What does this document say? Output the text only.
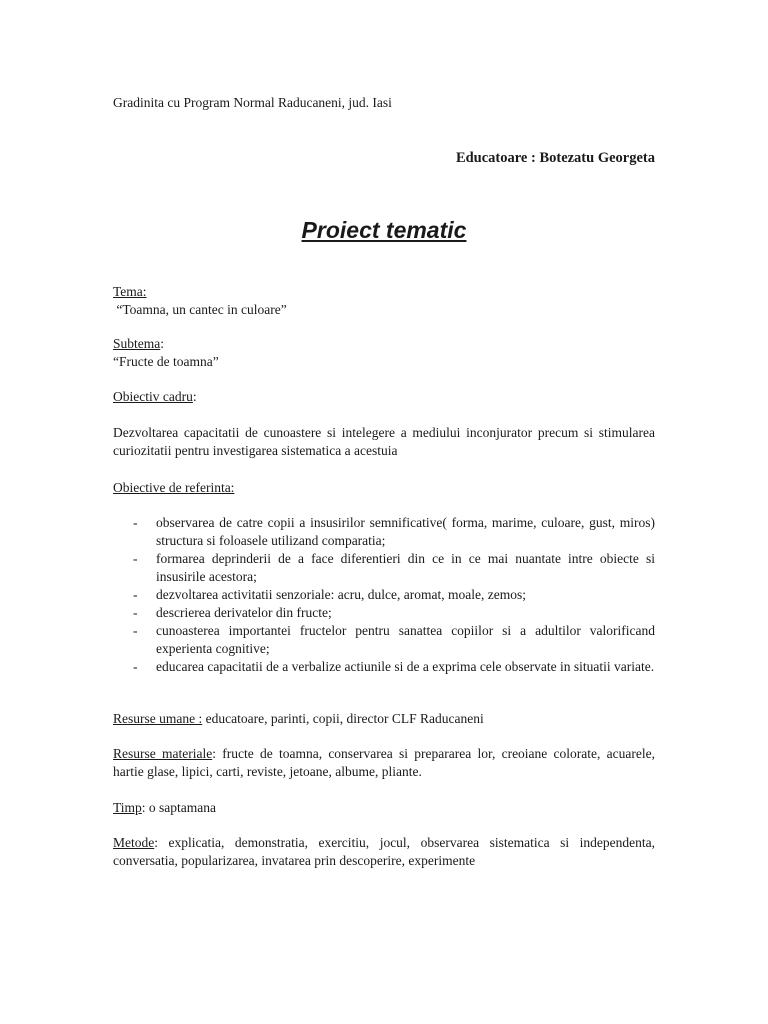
Gradinita cu Program Normal Raducaneni, jud. Iasi
Educatoare : Botezatu Georgeta
Proiect tematic
Tema:
“Toamna, un cantec in culoare”
Subtema:
“Fructe de toamna”
Obiectiv cadru:
Dezvoltarea capacitatii de cunoastere si intelegere a mediului inconjurator precum si stimularea curiozitatii pentru investigarea sistematica a acestuia
Obiective de referinta:
- observarea de catre copii a insusirilor semnificative( forma, marime, culoare, gust, miros) structura si foloasele utilizand comparatia;
- formarea deprinderii de a face diferentieri din ce in ce mai nuantate intre obiecte si insusirile acestora;
- dezvoltarea activitatii senzoriale: acru, dulce, aromat, moale, zemos;
- descrierea derivatelor din fructe;
- cunoasterea importantei fructelor pentru sanattea copiilor si a adultilor valorificand experienta cognitive;
- educarea capacitatii de a verbalize actiunile si de a exprima cele observate in situatii variate.
Resurse umane : educatoare, parinti, copii, director CLF Raducaneni
Resurse materiale: fructe de toamna, conservarea si prepararea lor, creoiane colorate, acuarele, hartie glase, lipici, carti, reviste, jetoane, albume, pliante.
Timp: o saptamana
Metode: explicatia, demonstratia, exercitiu, jocul, observarea sistematica si independenta, conversatia, popularizarea, invatarea prin descoperire, experimente
